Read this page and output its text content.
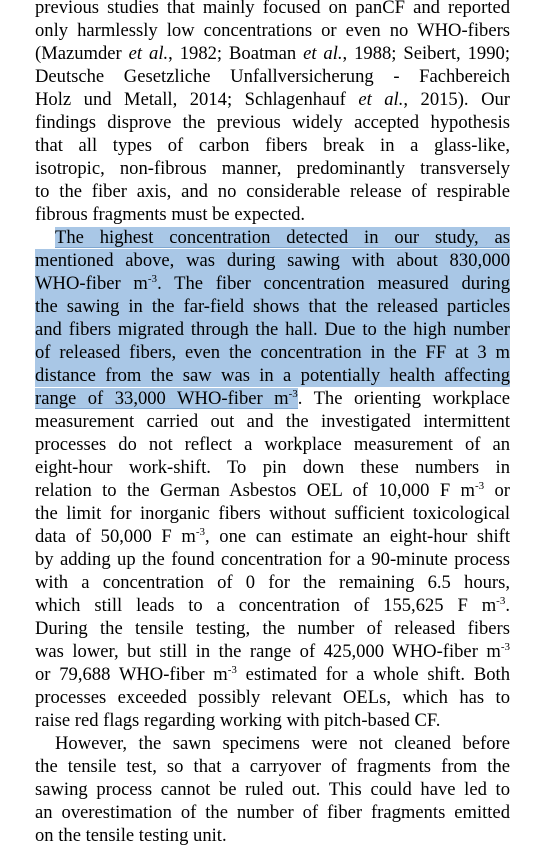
previous studies that mainly focused on panCF and reported
only harmlessly low concentrations or even no WHO-fibers
(Mazumder et al., 1982; Boatman et al., 1988; Seibert, 1990;
Deutsche Gesetzliche Unfallversicherung - Fachbereich
Holz und Metall, 2014; Schlagenhauf et al., 2015). Our
findings disprove the previous widely accepted hypothesis
that all types of carbon fibers break in a glass-like,
isotropic, non-fibrous manner, predominantly transversely
to the fiber axis, and no considerable release of respirable
fibrous fragments must be expected.
The highest concentration detected in our study, as
mentioned above, was during sawing with about 830,000
WHO-fiber $m^{-3}$. The fiber concentration measured during
the sawing in the far-field shows that the released particles
and fibers migrated through the hall. Due to the high number
of released fibers, even the concentration in the FF at 3 m
distance from the saw was in a potentially health affecting
range of 33,000 WHO-fiber $m^{-3}$. The orienting workplace
measurement carried out and the investigated intermittent
processes do not reflect a workplace measurement of an
eight-hour work-shift. To pin down these numbers in
relation to the German Asbestos OEL of 10,000 F $m^{-3}$ or
the limit for inorganic fibers without sufficient toxicological
data of 50,000 F $m^{-3}$, one can estimate an eight-hour shift
by adding up the found concentration for a 90-minute process
with a concentration of 0 for the remaining 6.5 hours,
which still leads to a concentration of 155,625 F $m^{-3}$.
During the tensile testing, the number of released fibers
was lower, but still in the range of 425,000 WHO-fiber $m^{-3}$
or 79,688 WHO-fiber $m^{-3}$ estimated for a whole shift. Both
processes exceeded possibly relevant OELs, which has to
raise red flags regarding working with pitch-based CF.
However, the sawn specimens were not cleaned before
the tensile test, so that a carryover of fragments from the
sawing process cannot be ruled out. This could have led to
an overestimation of the number of fiber fragments emitted
on the tensile testing unit.
